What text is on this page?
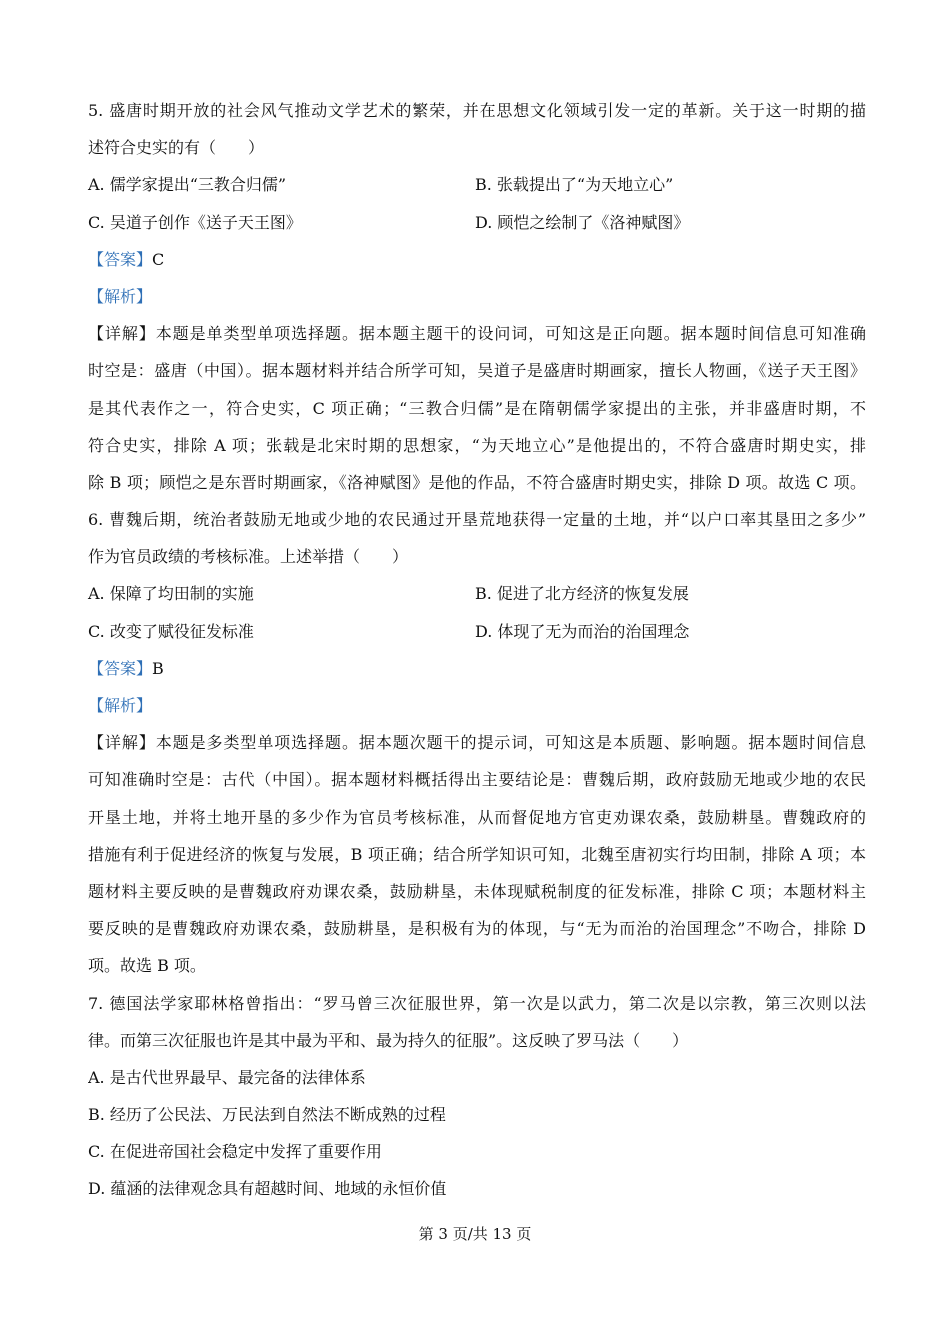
5. 盛唐时期开放的社会风气推动文学艺术的繁荣，并在思想文化领域引发一定的革新。关于这一时期的描
述符合史实的有（　　）
A. 儒学家提出“三教合归儒”	B. 张载提出了“为天地立心”
C. 吴道子创作《送子天王图》	D. 顾恺之绘制了《洛神赋图》
【答案】C
【解析】
【详解】本题是单类型单项选择题。据本题主题干的设问词，可知这是正向题。据本题时间信息可知准确
时空是：盛唐（中国）。据本题材料并结合所学可知，吴道子是盛唐时期画家，擅长人物画，《送子天王图》
是其代表作之一，符合史实，C 项正确；“三教合归儒”是在隋朝儒学家提出的主张，并非盛唐时期，不
符合史实，排除 A 项；张载是北宋时期的思想家，“为天地立心”是他提出的，不符合盛唐时期史实，排
除 B 项；顾恺之是东晋时期画家，《洛神赋图》是他的作品，不符合盛唐时期史实，排除 D 项。故选 C 项。
6. 曹魏后期，统治者鼓励无地或少地的农民通过开垦荒地获得一定量的土地，并“以户口率其垦田之多少”
作为官员政绩的考核标准。上述举措（　　）
A. 保障了均田制的实施	B. 促进了北方经济的恢复发展
C. 改变了赋役征发标准	D. 体现了无为而治的治国理念
【答案】B
【解析】
【详解】本题是多类型单项选择题。据本题次题干的提示词，可知这是本质题、影响题。据本题时间信息
可知准确时空是：古代（中国）。据本题材料概括得出主要结论是：曹魏后期，政府鼓励无地或少地的农民
开垦土地，并将土地开垦的多少作为官员考核标准，从而督促地方官吏劝课农桑，鼓励耕垦。曹魏政府的
措施有利于促进经济的恢复与发展，B 项正确；结合所学知识可知，北魏至唐初实行均田制，排除 A 项；本
题材料主要反映的是曹魏政府劝课农桑，鼓励耕垦，未体现赋税制度的征发标准，排除 C 项；本题材料主
要反映的是曹魏政府劝课农桑，鼓励耕垦，是积极有为的体现，与“无为而治的治国理念”不吻合，排除 D
项。故选 B 项。
7. 德国法学家耶林格曾指出：“罗马曾三次征服世界，第一次是以武力，第二次是以宗教，第三次则以法
律。而第三次征服也许是其中最为平和、最为持久的征服”。这反映了罗马法（　　）
A. 是古代世界最早、最完备的法律体系
B. 经历了公民法、万民法到自然法不断成熟的过程
C. 在促进帝国社会稳定中发挥了重要作用
D. 蕴涵的法律观念具有超越时间、地域的永恒价值
第 3 页/共 13 页
